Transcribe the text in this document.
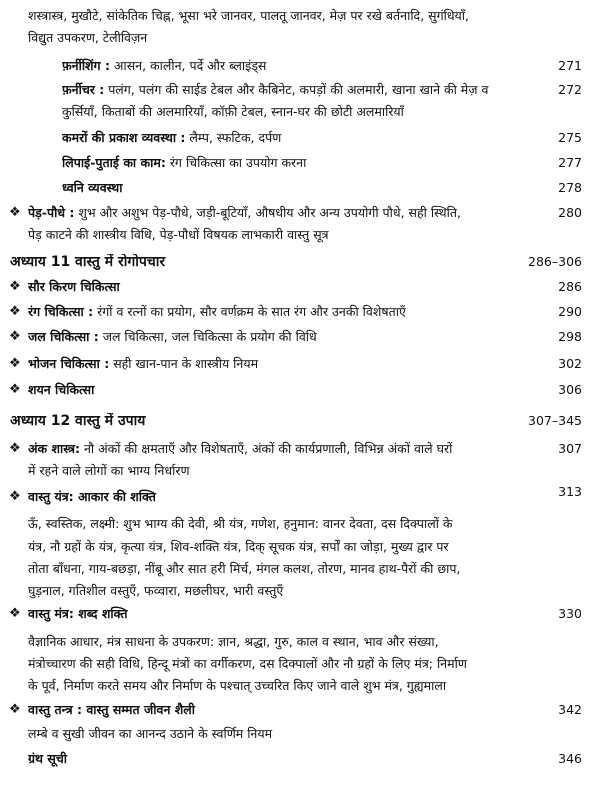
शस्त्रास्त्र, मुखौटे, सांकेतिक चिह्न, भूसा भरे जानवर, पालतू जानवर, मेज़ पर रखे बर्तनादि, सुगंधियाँ,
विद्युत उपकरण, टेलीविज़न
फ़र्नीशिंग : आसन, कालीन, पर्दे और ब्लाइंड्स	271
फ़र्नीचर : पलंग, पलंग की साईड टेबल और कैबिनेट, कपड़ों की अलमारी, खाना खाने की मेज़ व	272
कुर्सियाँ, किताबों की अलमारियाँ, कॉफ़ी टेबल, स्नान-घर की छोटी अलमारियाँ
कमरों की प्रकाश व्यवस्था : लैम्प, स्फटिक, दर्पण	275
लिपाई-पुताई का काम: रंग चिकित्सा का उपयोग करना	277
ध्वनि व्यवस्था	278
❖ पेड़-पौधे : शुभ और अशुभ पेड़-पौधे, जड़ी-बूटियाँ, औषधीय और अन्य उपयोगी पौधे, सही स्थिति,	280
पेड़ काटने की शास्त्रीय विधि, पेड़-पौधों विषयक लाभकारी वास्तु सूत्र
अध्याय 11 वास्तु में रोगोपचार	286–306
❖ सौर किरण चिकित्सा	286
❖ रंग चिकित्सा : रंगों व रत्नों का प्रयोग, सौर वर्णक्रम के सात रंग और उनकी विशेषताएँ	290
❖ जल चिकित्सा : जल चिकित्सा, जल चिकित्सा के प्रयोग की विधि	298
❖ भोजन चिकित्सा : सही खान-पान के शास्त्रीय नियम	302
❖ शयन चिकित्सा	306
अध्याय 12 वास्तु में उपाय	307–345
❖ अंक शास्त्र: नौ अंकों की क्षमताएँ और विशेषताएँ, अंकों की कार्यप्रणाली, विभिन्न अंकों वाले घरों	307
में रहने वाले लोगों का भाग्य निर्धारण
❖ वास्तु यंत्र: आकार की शक्ति	313
ऊँ, स्वस्तिक, लक्ष्मी: शुभ भाग्य की देवी, श्री यंत्र, गणेश, हनुमान: वानर देवता, दस दिक्पालों के
यंत्र, नौ ग्रहों के यंत्र, कृत्या यंत्र, शिव-शक्ति यंत्र, दिक् सूचक यंत्र, सर्पों का जोड़ा, मुख्य द्वार पर
तोता बाँधना, गाय-बछड़ा, नींबू और सात हरी मिर्च, मंगल कलश, तोरण, मानव हाथ-पैरों की छाप,
घुड़नाल, गतिशील वस्तुएँ, फव्वारा, मछलीघर, भारी वस्तुएँ
❖ वास्तु मंत्र: शब्द शक्ति	330
वैज्ञानिक आधार, मंत्र साधना के उपकरण: ज्ञान, श्रद्धा, गुरु, काल व स्थान, भाव और संख्या,
मंत्रोच्चारण की सही विधि, हिन्दू मंत्रों का वर्गीकरण, दस दिक्पालों और नौ ग्रहों के लिए मंत्र; निर्माण
के पूर्व, निर्माण करते समय और निर्माण के पश्चात् उच्चरित किए जाने वाले शुभ मंत्र, गुह्यमाला
❖ वास्तु तन्त्र : वास्तु सम्मत जीवन शैली	342
लम्बे व सुखी जीवन का आनन्द उठाने के स्वर्णिम नियम
ग्रंथ सूची	346
